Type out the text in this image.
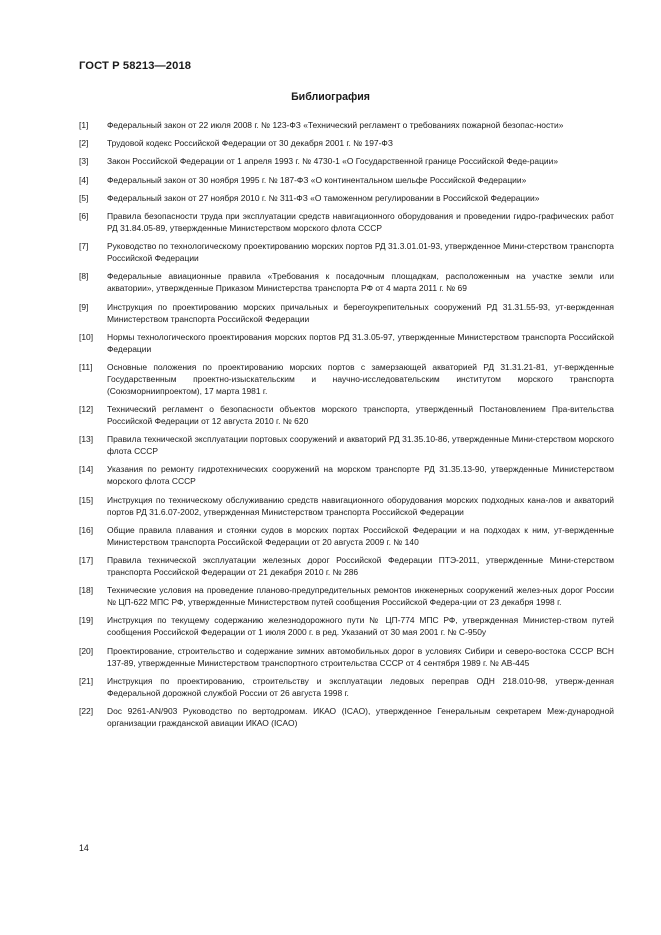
ГОСТ Р 58213—2018
Библиография
[1]	Федеральный закон от 22 июля 2008 г. № 123-ФЗ «Технический регламент о требованиях пожарной безопас-ности»
[2]	Трудовой кодекс Российской Федерации от 30 декабря 2001 г. № 197-ФЗ
[3]	Закон Российской Федерации от 1 апреля 1993 г. № 4730-1 «О Государственной границе Российской Феде-рации»
[4]	Федеральный закон от 30 ноября 1995 г. № 187-ФЗ «О континентальном шельфе Российской Федерации»
[5]	Федеральный закон от 27 ноября 2010 г. № 311-ФЗ «О таможенном регулировании в Российской Федерации»
[6]	Правила безопасности труда при эксплуатации средств навигационного оборудования и проведении гидро-графических работ РД 31.84.05-89, утвержденные Министерством морского флота СССР
[7]	Руководство по технологическому проектированию морских портов РД 31.3.01.01-93, утвержденное Мини-стерством транспорта Российской Федерации
[8]	Федеральные авиационные правила «Требования к посадочным площадкам, расположенным на участке земли или акватории», утвержденные Приказом Министерства транспорта РФ от 4 марта 2011 г. № 69
[9]	Инструкция по проектированию морских причальных и берегоукрепительных сооружений РД 31.31.55-93, ут-вержденная Министерством транспорта Российской Федерации
[10]	Нормы технологического проектирования морских портов РД 31.3.05-97, утвержденные Министерством транспорта Российской Федерации
[11]	Основные положения по проектированию морских портов с замерзающей акваторией РД 31.31.21-81, ут-вержденные Государственным проектно-изыскательским и научно-исследовательским институтом морского транспорта (Союзморниипроектом), 17 марта 1981 г.
[12]	Технический регламент о безопасности объектов морского транспорта, утвержденный Постановлением Пра-вительства Российской Федерации от 12 августа 2010 г. № 620
[13]	Правила технической эксплуатации портовых сооружений и акваторий РД 31.35.10-86, утвержденные Мини-стерством морского флота СССР
[14]	Указания по ремонту гидротехнических сооружений на морском транспорте РД 31.35.13-90, утвержденные Министерством морского флота СССР
[15]	Инструкция по техническому обслуживанию средств навигационного оборудования морских подходных кана-лов и акваторий портов РД 31.6.07-2002, утвержденная Министерством транспорта Российской Федерации
[16]	Общие правила плавания и стоянки судов в морских портах Российской Федерации и на подходах к ним, ут-вержденные Министерством транспорта Российской Федерации от 20 августа 2009 г. № 140
[17]	Правила технической эксплуатации железных дорог Российской Федерации ПТЭ-2011, утвержденные Мини-стерством транспорта Российской Федерации от 21 декабря 2010 г. № 286
[18]	Технические условия на проведение планово-предупредительных ремонтов инженерных сооружений желез-ных дорог России № ЦП-622 МПС РФ, утвержденные Министерством путей сообщения Российской Федера-ции от 23 декабря 1998 г.
[19]	Инструкция по текущему содержанию железнодорожного пути № ЦП-774 МПС РФ, утвержденная Министер-ством путей сообщения Российской Федерации от 1 июля 2000 г. в ред. Указаний от 30 мая 2001 г. № С-950у
[20]	Проектирование, строительство и содержание зимних автомобильных дорог в условиях Сибири и северо-востока СССР ВСН 137-89, утвержденные Министерством транспортного строительства СССР от 4 сентября 1989 г. № АВ-445
[21]	Инструкция по проектированию, строительству и эксплуатации ледовых переправ ОДН 218.010-98, утверж-денная Федеральной дорожной службой России от 26 августа 1998 г.
[22]	Doc 9261-AN/903 Руководство по вертодромам. ИКАО (ICAO), утвержденное Генеральным секретарем Меж-дународной организации гражданской авиации ИКАО (ICAO)
14
